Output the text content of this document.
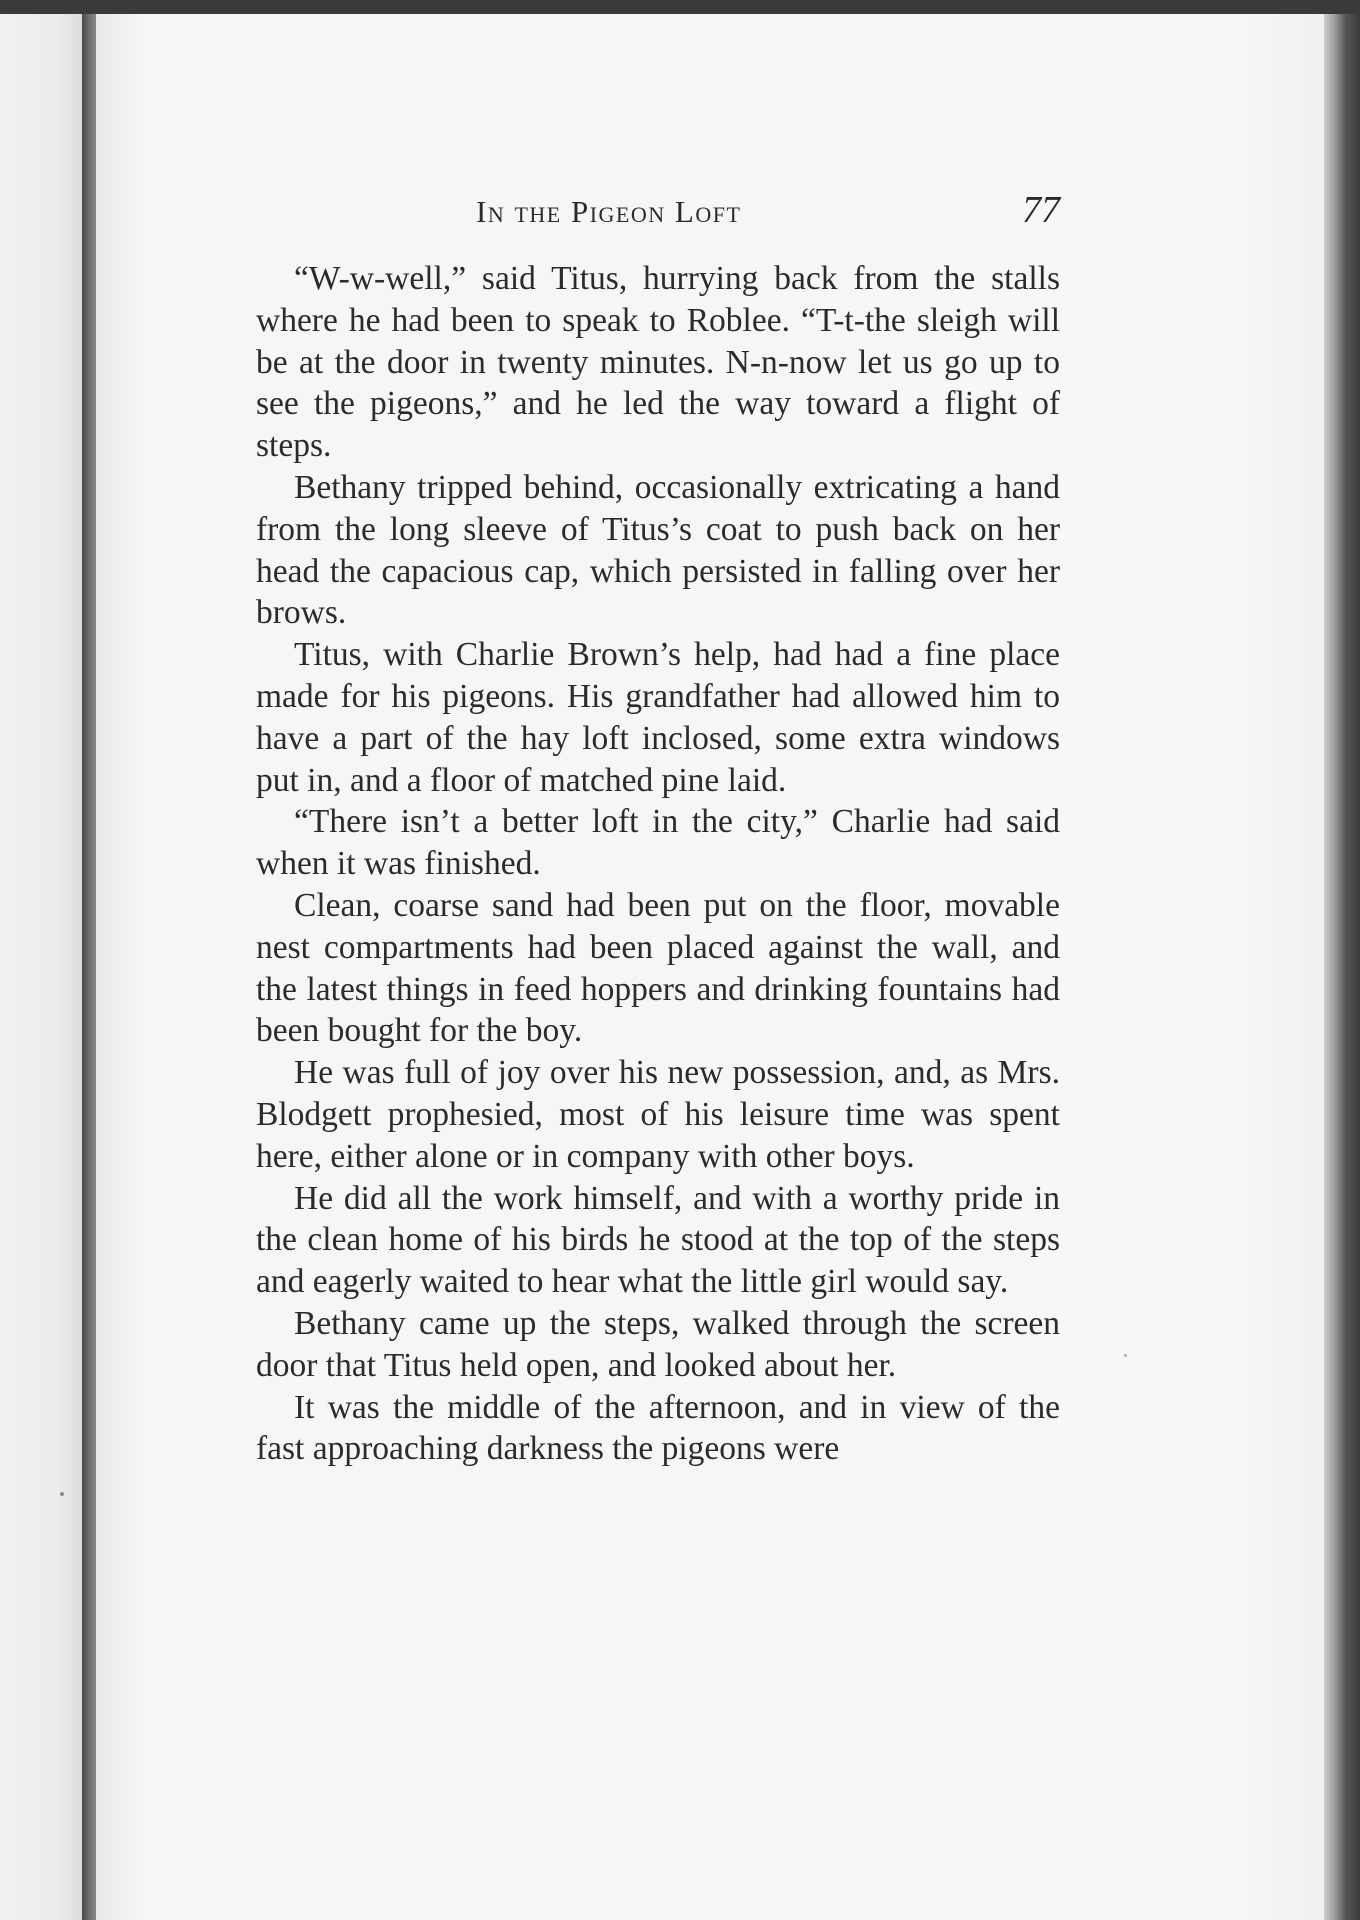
In the Pigeon Loft	77

“W-w-well,” said Titus, hurrying back from the stalls where he had been to speak to Roblee. “T-t-the sleigh will be at the door in twenty minutes. N-n-now let us go up to see the pigeons,” and he led the way toward a flight of steps.

Bethany tripped behind, occasionally extricating a hand from the long sleeve of Titus’s coat to push back on her head the capacious cap, which persisted in falling over her brows.

Titus, with Charlie Brown’s help, had had a fine place made for his pigeons. His grandfather had allowed him to have a part of the hay loft inclosed, some extra windows put in, and a floor of matched pine laid.

“There isn’t a better loft in the city,” Charlie had said when it was finished.

Clean, coarse sand had been put on the floor, movable nest compartments had been placed against the wall, and the latest things in feed hoppers and drinking fountains had been bought for the boy.

He was full of joy over his new possession, and, as Mrs. Blodgett prophesied, most of his leisure time was spent here, either alone or in company with other boys.

He did all the work himself, and with a worthy pride in the clean home of his birds he stood at the top of the steps and eagerly waited to hear what the little girl would say.

Bethany came up the steps, walked through the screen door that Titus held open, and looked about her.

It was the middle of the afternoon, and in view of the fast approaching darkness the pigeons were
